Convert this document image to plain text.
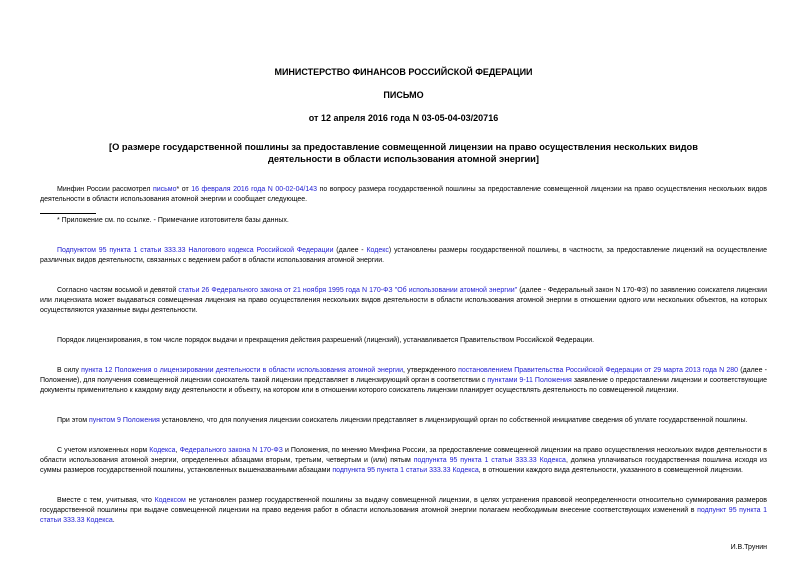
МИНИСТЕРСТВО ФИНАНСОВ РОССИЙСКОЙ ФЕДЕРАЦИИ
ПИСЬМО
от 12 апреля 2016 года N 03-05-04-03/20716
[О размере государственной пошлины за предоставление совмещенной лицензии на право осуществления нескольких видов деятельности в области использования атомной энергии]

Минфин России рассмотрел письмо* от 16 февраля 2016 года N 00-02-04/143 по вопросу размера государственной пошлины за предоставление совмещенной лицензии на право осуществления нескольких видов деятельности в области использования атомной энергии и сообщает следующее.

* Приложение см. по ссылке. - Примечание изготовителя базы данных.

Подпунктом 95 пункта 1 статьи 333.33 Налогового кодекса Российской Федерации (далее - Кодекс) установлены размеры государственной пошлины, в частности, за предоставление лицензий на осуществление различных видов деятельности, связанных с ведением работ в области использования атомной энергии.

Согласно частям восьмой и девятой статьи 26 Федерального закона от 21 ноября 1995 года N 170-ФЗ "Об использовании атомной энергии" (далее - Федеральный закон N 170-ФЗ) по заявлению соискателя лицензии или лицензиата может выдаваться совмещенная лицензия на право осуществления нескольких видов деятельности в области использования атомной энергии в отношении одного или нескольких объектов, на которых осуществляются указанные виды деятельности.

Порядок лицензирования, в том числе порядок выдачи и прекращения действия разрешений (лицензий), устанавливается Правительством Российской Федерации.

В силу пункта 12 Положения о лицензировании деятельности в области использования атомной энергии, утвержденного постановлением Правительства Российской Федерации от 29 марта 2013 года N 280 (далее - Положение), для получения совмещенной лицензии соискатель такой лицензии представляет в лицензирующий орган в соответствии с пунктами 9-11 Положения заявление о предоставлении лицензии и соответствующие документы применительно к каждому виду деятельности и объекту, на котором или в отношении которого соискатель лицензии планирует осуществлять деятельность по совмещенной лицензии.

При этом пунктом 9 Положения установлено, что для получения лицензии соискатель лицензии представляет в лицензирующий орган по собственной инициативе сведения об уплате государственной пошлины.

С учетом изложенных норм Кодекса, Федерального закона N 170-ФЗ и Положения, по мнению Минфина России, за предоставление совмещенной лицензии на право осуществления нескольких видов деятельности в области использования атомной энергии, определенных абзацами вторым, третьим, четвертым и (или) пятым подпункта 95 пункта 1 статьи 333.33 Кодекса, должна уплачиваться государственная пошлина исходя из суммы размеров государственной пошлины, установленных вышеназванными абзацами подпункта 95 пункта 1 статьи 333.33 Кодекса, в отношении каждого вида деятельности, указанного в совмещенной лицензии.

Вместе с тем, учитывая, что Кодексом не установлен размер государственной пошлины за выдачу совмещенной лицензии, в целях устранения правовой неопределенности относительно суммирования размеров государственной пошлины при выдаче совмещенной лицензии на право ведения работ в области использования атомной энергии полагаем необходимым внесение соответствующих изменений в подпункт 95 пункта 1 статьи 333.33 Кодекса.

И.В.Трунин
